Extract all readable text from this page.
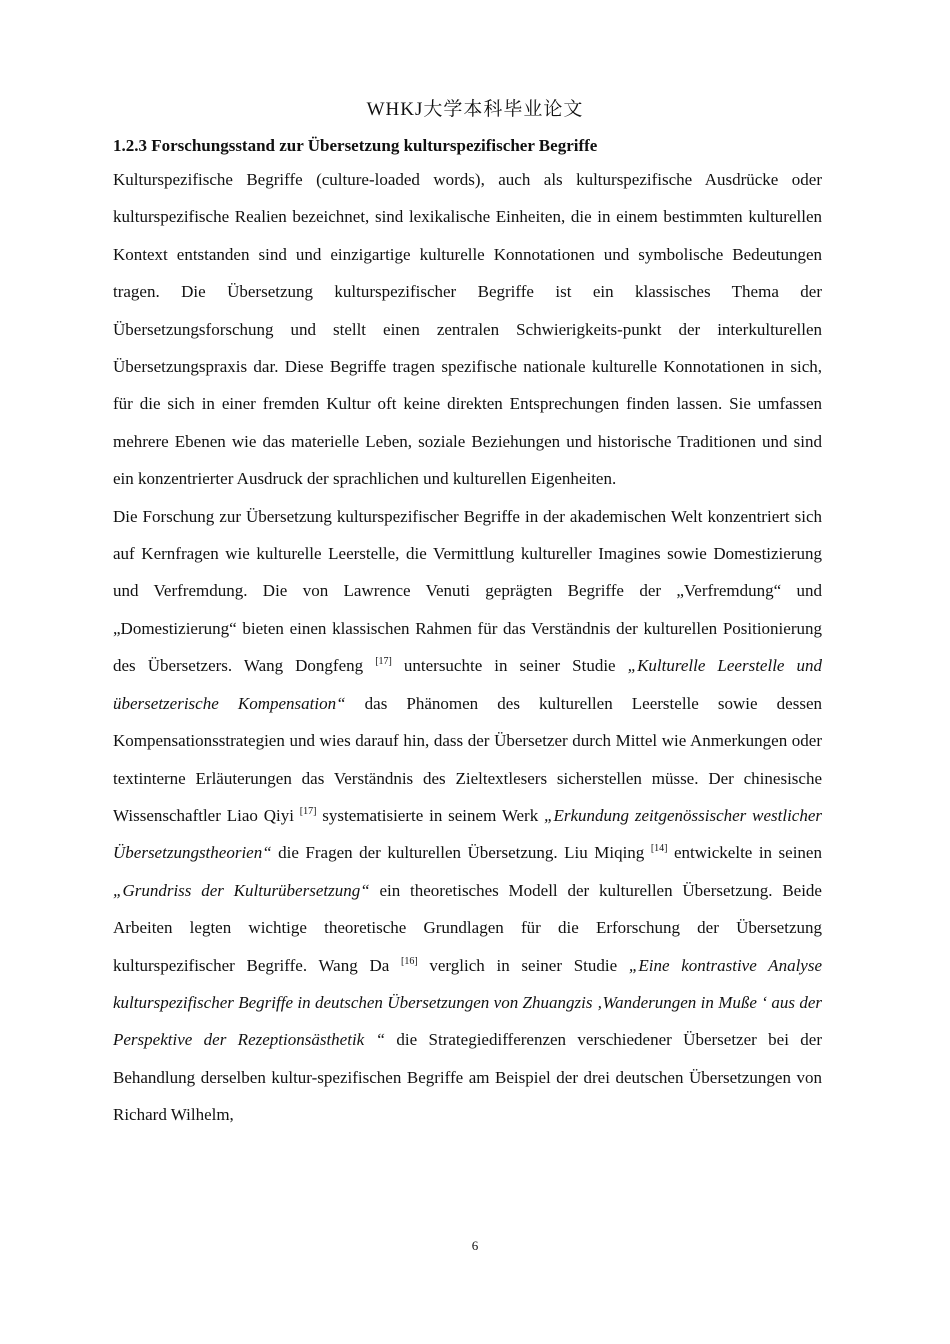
WHKJ大学本科毕业论文
1.2.3 Forschungsstand zur Übersetzung kulturspezifischer Begriffe

Kulturspezifische Begriffe (culture-loaded words), auch als kulturspezifische Ausdrücke oder kulturspezifische Realien bezeichnet, sind lexikalische Einheiten, die in einem bestimmten kulturellen Kontext entstanden sind und einzigartige kulturelle Konnotationen und symbolische Bedeutungen tragen. Die Übersetzung kulturspezifischer Begriffe ist ein klassisches Thema der Übersetzungsforschung und stellt einen zentralen Schwierigkeits-punkt der interkulturellen Übersetzungspraxis dar. Diese Begriffe tragen spezifische nationale kulturelle Konnotationen in sich, für die sich in einer fremden Kultur oft keine direkten Entsprechungen finden lassen. Sie umfassen mehrere Ebenen wie das materielle Leben, soziale Beziehungen und historische Traditionen und sind ein konzentrierter Ausdruck der sprachlichen und kulturellen Eigenheiten.

Die Forschung zur Übersetzung kulturspezifischer Begriffe in der akademischen Welt konzentriert sich auf Kernfragen wie kulturelle Leerstelle, die Vermittlung kultureller Imagines sowie Domestizierung und Verfremdung. Die von Lawrence Venuti geprägten Begriffe der „Verfremdung“ und „Domestizierung“ bieten einen klassischen Rahmen für das Verständnis der kulturellen Positionierung des Übersetzers. Wang Dongfeng [17] untersuchte in seiner Studie „Kulturelle Leerstelle und übersetzerische Kompensation“ das Phänomen des kulturellen Leerstelle sowie dessen Kompensationsstrategien und wies darauf hin, dass der Übersetzer durch Mittel wie Anmerkungen oder textinterne Erläuterungen das Verständnis des Zieltextlesers sicherstellen müsse. Der chinesische Wissenschaftler Liao Qiyi [17] systematisierte in seinem Werk „Erkundung zeitgenössischer westlicher Übersetzungstheorien“ die Fragen der kulturellen Übersetzung. Liu Miqing [14] entwickelte in seinen „Grundriss der Kulturübersetzung“ ein theoretisches Modell der kulturellen Übersetzung. Beide Arbeiten legten wichtige theoretische Grundlagen für die Erforschung der Übersetzung kulturspezifischer Begriffe. Wang Da [16] verglich in seiner Studie „Eine kontrastive Analyse kulturspezifischer Begriffe in deutschen Übersetzungen von Zhuangzis ‚Wanderungen in Muße ‘ aus der Perspektive der Rezeptionsästhetik “ die Strategiedifferenzen verschiedener Übersetzer bei der Behandlung derselben kultur-spezifischen Begriffe am Beispiel der drei deutschen Übersetzungen von Richard Wilhelm,

6
